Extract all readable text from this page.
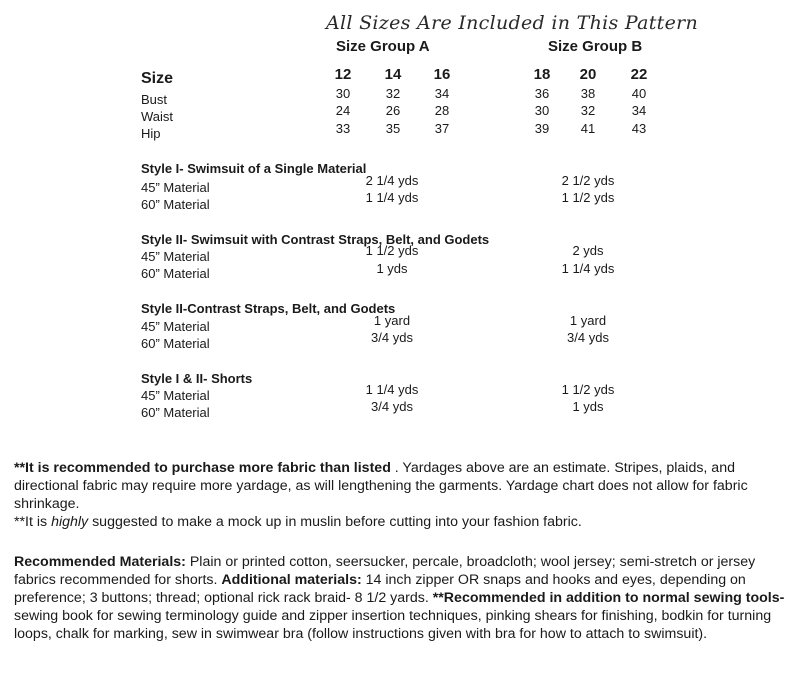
All Sizes Are Included in This Pattern
Size Group A	Size Group B
Size	12	14	16	18	20	22
Bust	30	32	34	36	38	40
Waist	24	26	28	30	32	34
Hip	33	35	37	39	41	43
Style I- Swimsuit of a Single Material
45” Material	2 1/4 yds	2 1/2 yds
60” Material	1 1/4 yds	1 1/2 yds
Style II- Swimsuit with Contrast Straps, Belt, and Godets
45” Material	1 1/2 yds	2 yds
60” Material	1 yds	1 1/4 yds
Style II-Contrast Straps, Belt, and Godets
45” Material	1 yard	1 yard
60” Material	3/4 yds	3/4 yds
Style I & II- Shorts
45” Material	1 1/4 yds	1 1/2 yds
60” Material	3/4 yds	1 yds
**It is recommended to purchase more fabric than listed . Yardages above are an estimate. Stripes, plaids, and directional fabric may require more yardage, as will lengthening the garments. Yardage chart does not allow for fabric shrinkage.
**It is highly suggested to make a mock up in muslin before cutting into your fashion fabric.
Recommended Materials: Plain or printed cotton, seersucker, percale, broadcloth; wool jersey; semi-stretch or jersey fabrics recommended for shorts. Additional materials: 14 inch zipper OR snaps and hooks and eyes, depending on preference; 3 buttons; thread; optional rick rack braid- 8 1/2 yards. **Recommended in addition to normal sewing tools- sewing book for sewing terminology guide and zipper insertion techniques, pinking shears for finishing, bodkin for turning loops, chalk for marking, sew in swimwear bra (follow instructions given with bra for how to attach to swimsuit).
